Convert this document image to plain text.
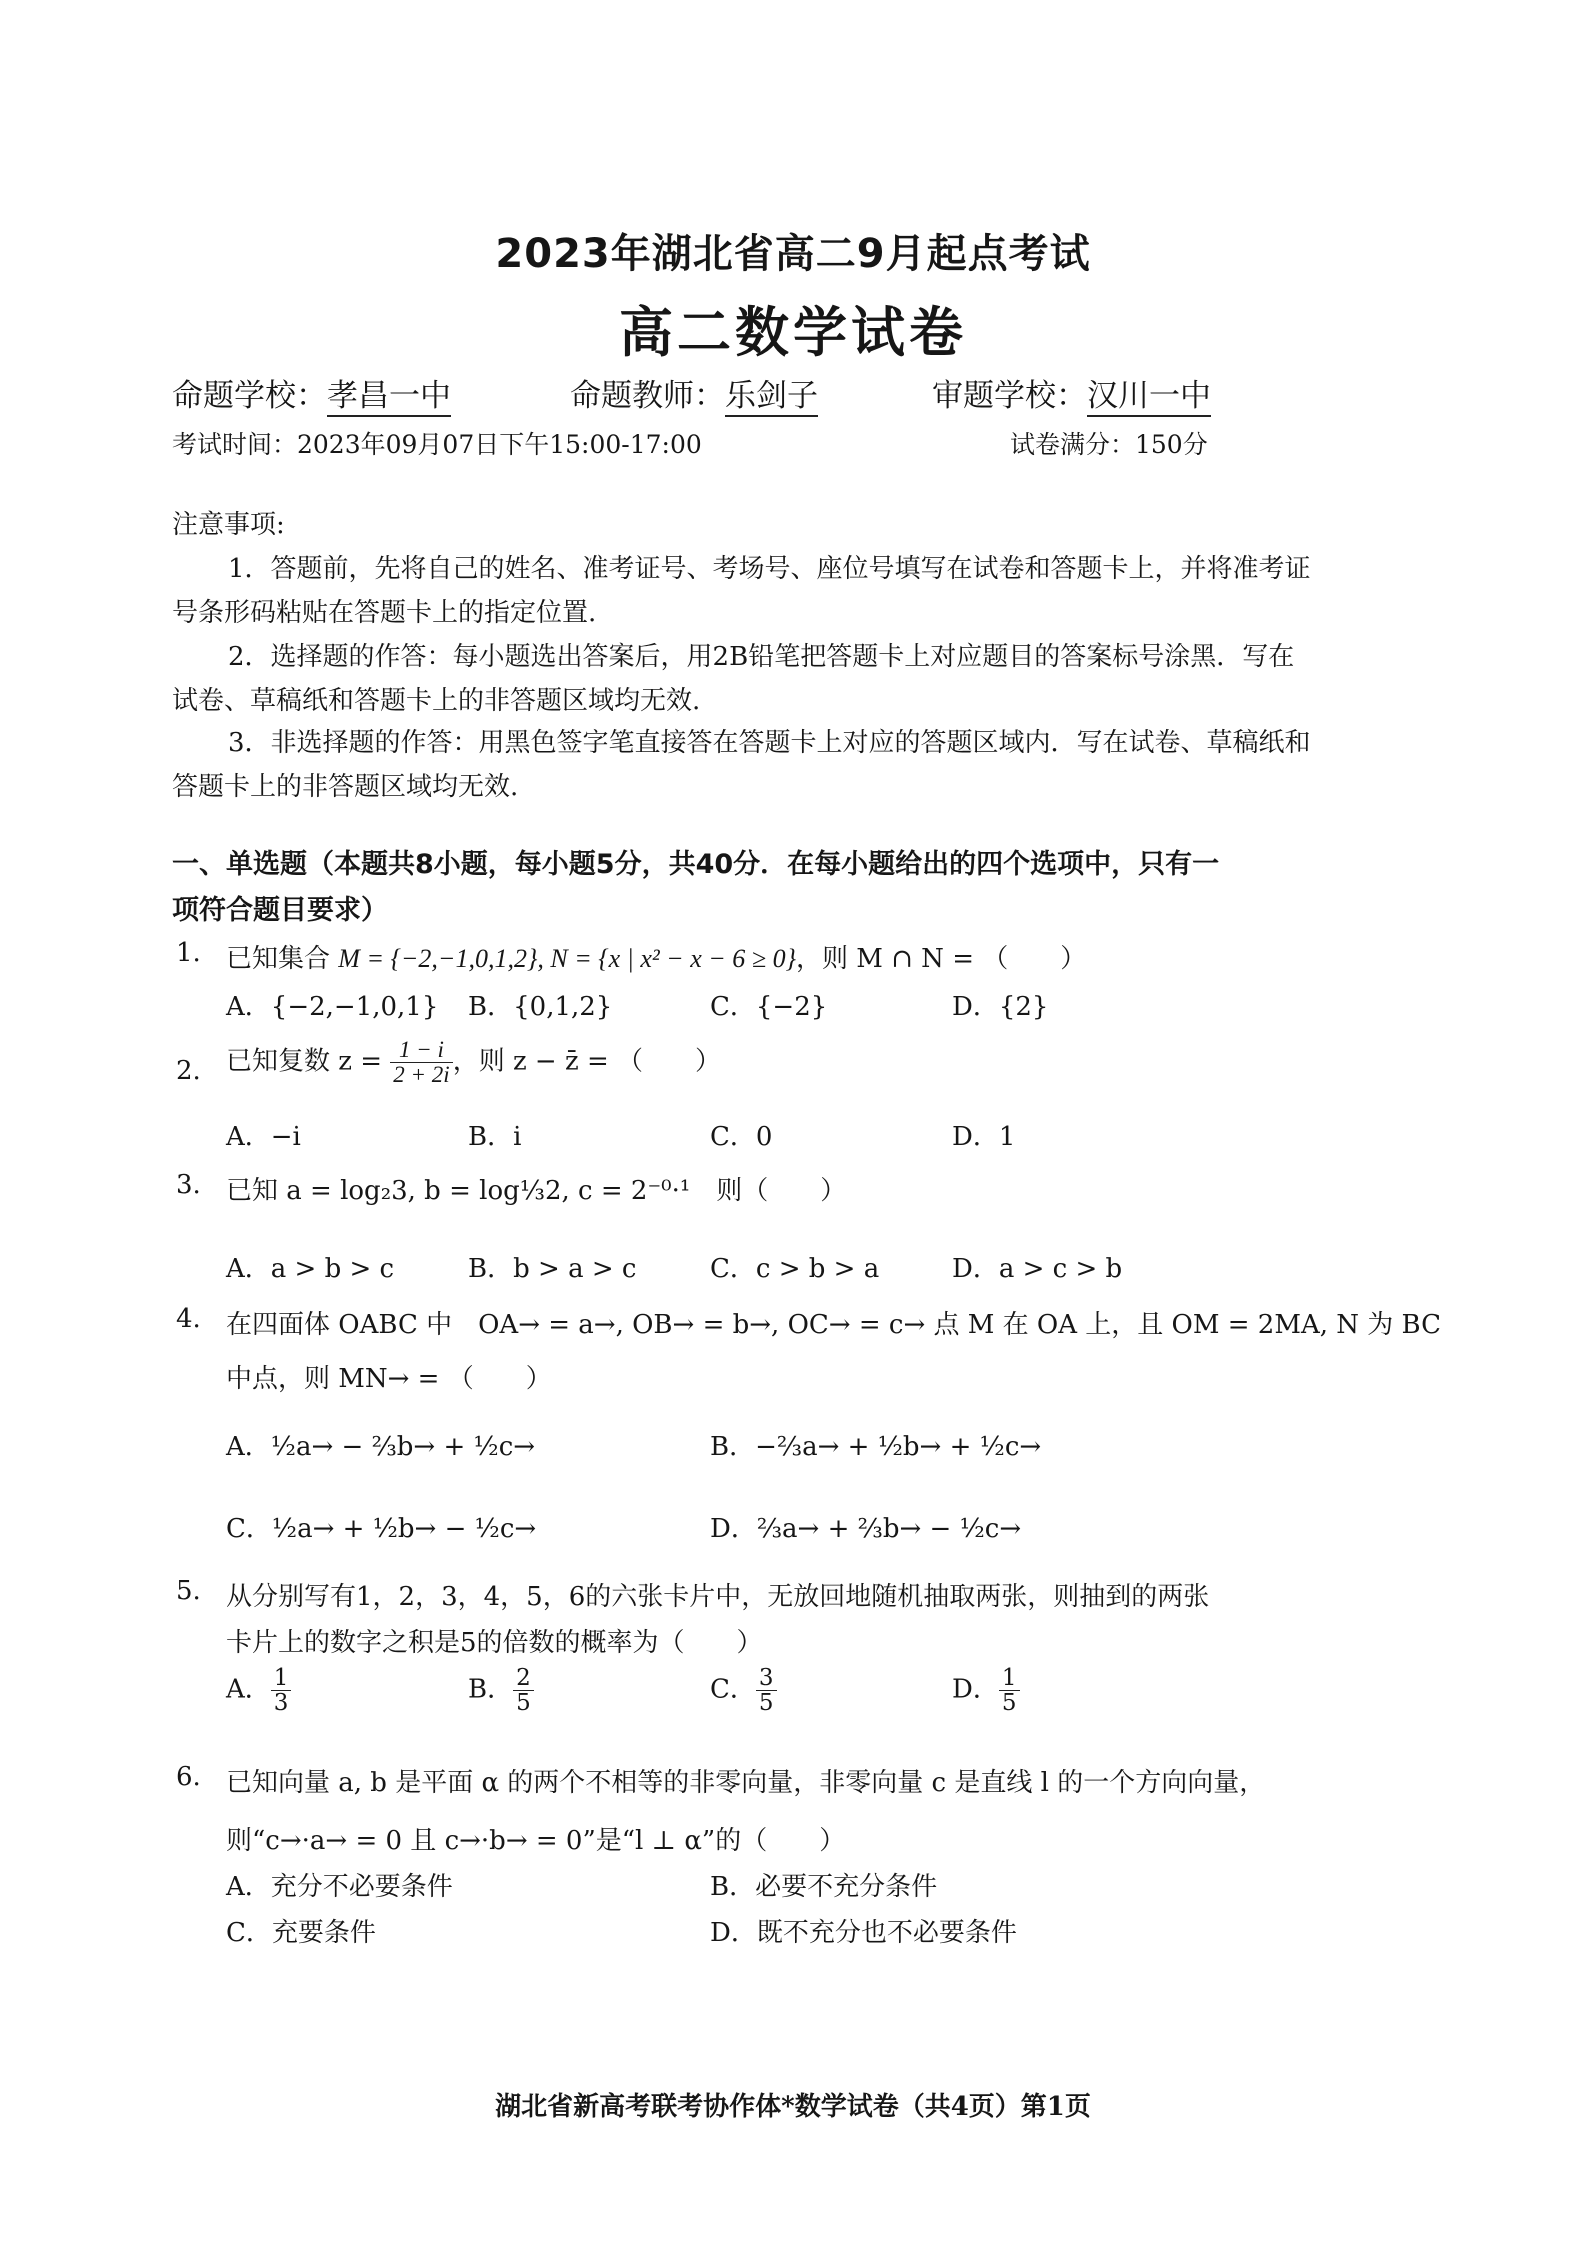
2023年湖北省高二9月起点考试
高二数学试卷
命题学校：孝昌一中	命题教师：乐剑子	审题学校：汉川一中
考试时间：2023年09月07日下午15:00-17:00	试卷满分：150分
注意事项:
1．答题前，先将自己的姓名、准考证号、考场号、座位号填写在试卷和答题卡上，并将准考证
号条形码粘贴在答题卡上的指定位置.
2．选择题的作答：每小题选出答案后，用2B铅笔把答题卡上对应题目的答案标号涂黑．写在
试卷、草稿纸和答题卡上的非答题区域均无效.
3．非选择题的作答：用黑色签字笔直接答在答题卡上对应的答题区域内．写在试卷、草稿纸和
答题卡上的非答题区域均无效.
一、单选题（本题共8小题，每小题5分，共40分．在每小题给出的四个选项中，只有一
项符合题目要求）
1. 已知集合 M = {−2,−1,0,1,2}, N = {x | x² − x − 6 ≥ 0}，则 M ∩ N = （　　）
A．{−2,−1,0,1} B．{0,1,2}	C．{−2}	D．{2}
2. 已知复数 $z = \frac{1 - i}{2 + 2i}$ ，则 z − z̄ = （　　）
A．−i	B．i	C．0	D．1
3. 已知 a = log₂3, b = log⅓2, c = 2⁻⁰·¹　则（　　）
A．a > b > c	B．b > a > c	C．c > b > a	D．a > c > b
4. 在四面体 OABC 中　OA→ = a→, OB→ = b→, OC→ = c→ 点 M 在 OA 上，且 OM = 2MA, N 为 BC
中点，则 MN→ = （　　）
A．½a→ − ⅔b→ + ½c→	B．−⅔a→ + ½b→ + ½c→
C．½a→ + ½b→ − ½c→	D．⅔a→ + ⅔b→ − ½c→
5. 从分别写有1，2，3，4，5，6的六张卡片中，无放回地随机抽取两张，则抽到的两张
卡片上的数字之积是5的倍数的概率为（　　）
A． $\frac{1}{3}$	B． $\frac{2}{5}$	C． $\frac{3}{5}$	D． $\frac{1}{5}$
6. 已知向量 a, b 是平面 α 的两个不相等的非零向量，非零向量 c 是直线 l 的一个方向向量，
则“c→·a→ = 0 且 c→·b→ = 0”是“l ⊥ α”的（　　）
A．充分不必要条件	B．必要不充分条件
C．充要条件	D．既不充分也不必要条件
湖北省新高考联考协作体*数学试卷（共4页）第1页
